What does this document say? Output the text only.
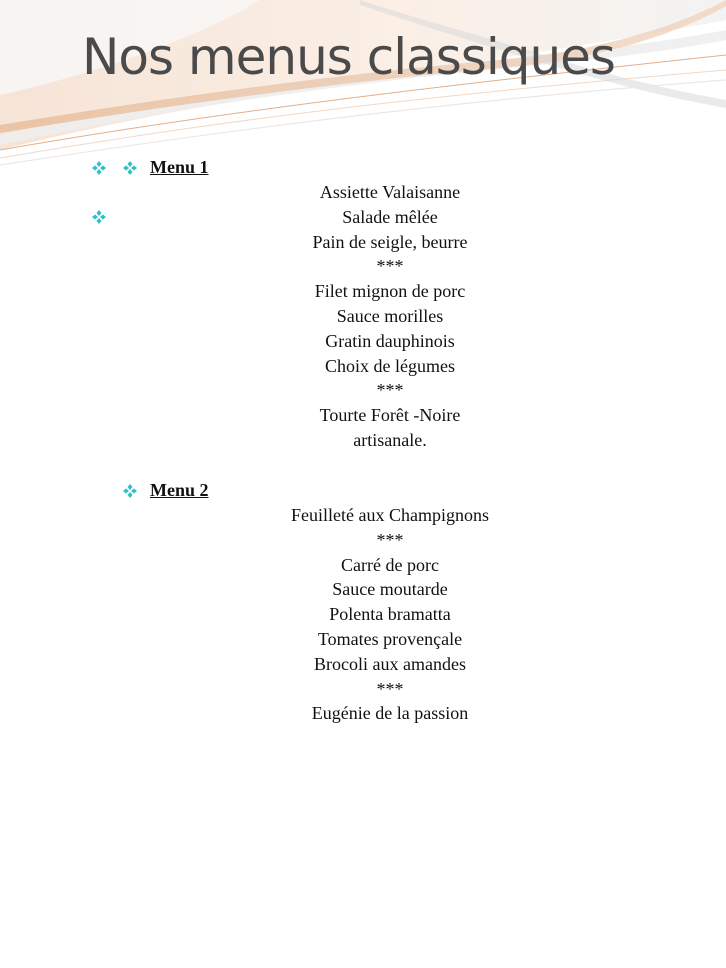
Nos menus classiques
Menu 1
Assiette Valaisanne
Salade mêlée
Pain de seigle, beurre
***
Filet mignon de porc
Sauce morilles
Gratin dauphinois
Choix de légumes
***
Tourte Forêt -Noire
artisanale.
Menu 2
Feuilleté aux Champignons
***
Carré de porc
Sauce moutarde
Polenta bramatta
Tomates provençale
Brocoli aux amandes
***
Eugénie de la passion
